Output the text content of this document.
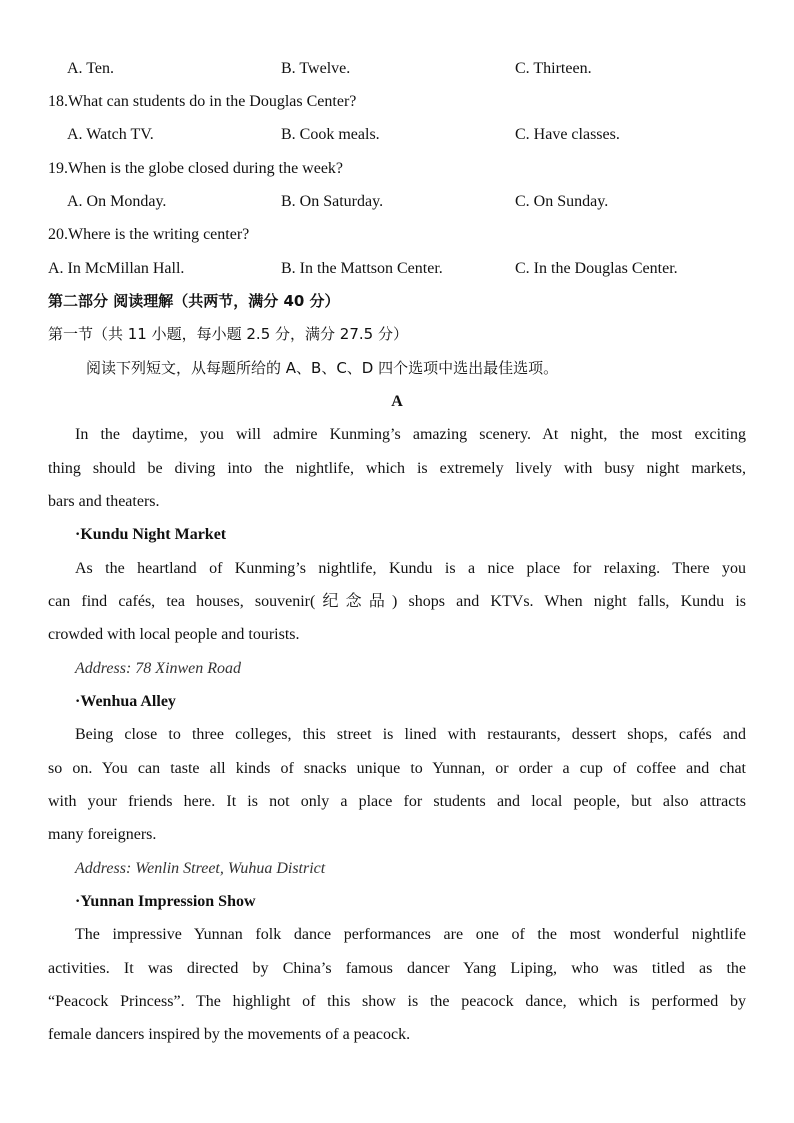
A. Ten.	B. Twelve.	C. Thirteen.
18.What can students do in the Douglas Center?
A. Watch TV.	B. Cook meals.	C. Have classes.
19.When is the globe closed during the week?
A. On Monday.	B. On Saturday.	C. On Sunday.
20.Where is the writing center?
A. In McMillan Hall.	B. In the Mattson Center.	C. In the Douglas Center.
第二部分 阅读理解（共两节，满分 40 分）
第一节（共 11 小题，每小题 2.5 分，满分 27.5 分）
阅读下列短文，从每题所给的 A、B、C、D 四个选项中选出最佳选项。
A
In the daytime, you will admire Kunming’s amazing scenery. At night, the most exciting
thing should be diving into the nightlife, which is extremely lively with busy night markets,
bars and theaters.
·Kundu Night Market
As the heartland of Kunming’s nightlife, Kundu is a nice place for relaxing. There you
can find cafés, tea houses, souvenir(纪念品) shops and KTVs. When night falls, Kundu is
crowded with local people and tourists.
Address: 78 Xinwen Road
·Wenhua Alley
Being close to three colleges, this street is lined with restaurants, dessert shops, cafés and
so on. You can taste all kinds of snacks unique to Yunnan, or order a cup of coffee and chat
with your friends here. It is not only a place for students and local people, but also attracts
many foreigners.
Address: Wenlin Street, Wuhua District
·Yunnan Impression Show
The impressive Yunnan folk dance performances are one of the most wonderful nightlife
activities. It was directed by China’s famous dancer Yang Liping, who was titled as the
“Peacock Princess”. The highlight of this show is the peacock dance, which is performed by
female dancers inspired by the movements of a peacock.
